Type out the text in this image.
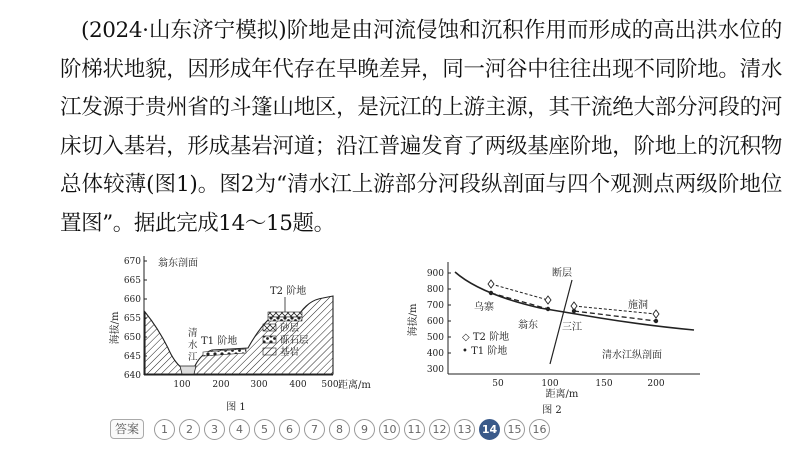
(2024·山东济宁模拟)阶地是由河流侵蚀和沉积作用而形成的高出洪水位的阶梯状地貌，因形成年代存在早晚差异，同一河谷中往往出现不同阶地。清水江发源于贵州省的斗篷山地区，是沅江的上游主源，其干流绝大部分河段的河床切入基岩，形成基岩河道；沿江普遍发育了两级基座阶地，阶地上的沉积物总体较薄(图1)。图2为“清水江上游部分河段纵剖面与四个观测点两级阶地位置图”。据此完成14～15题。
670
665
660
655
650
645
640
海拔/m
100 200 300 400 500 距离/m
图 1
翁东剖面
T2 阶地
T1 阶地
清
水
江
砂层
砾石层
基岩
900
800
700
600
500
400
300
海拔/m
50	100	150	200
距离/m
图 2
断层
乌寨
翁东 三江
施洞
清水江纵剖面
◇ T2 阶地
• T1 阶地
答案	1	2	3	4	5	6	7	8	9	10	11	12	13 14 15	16
